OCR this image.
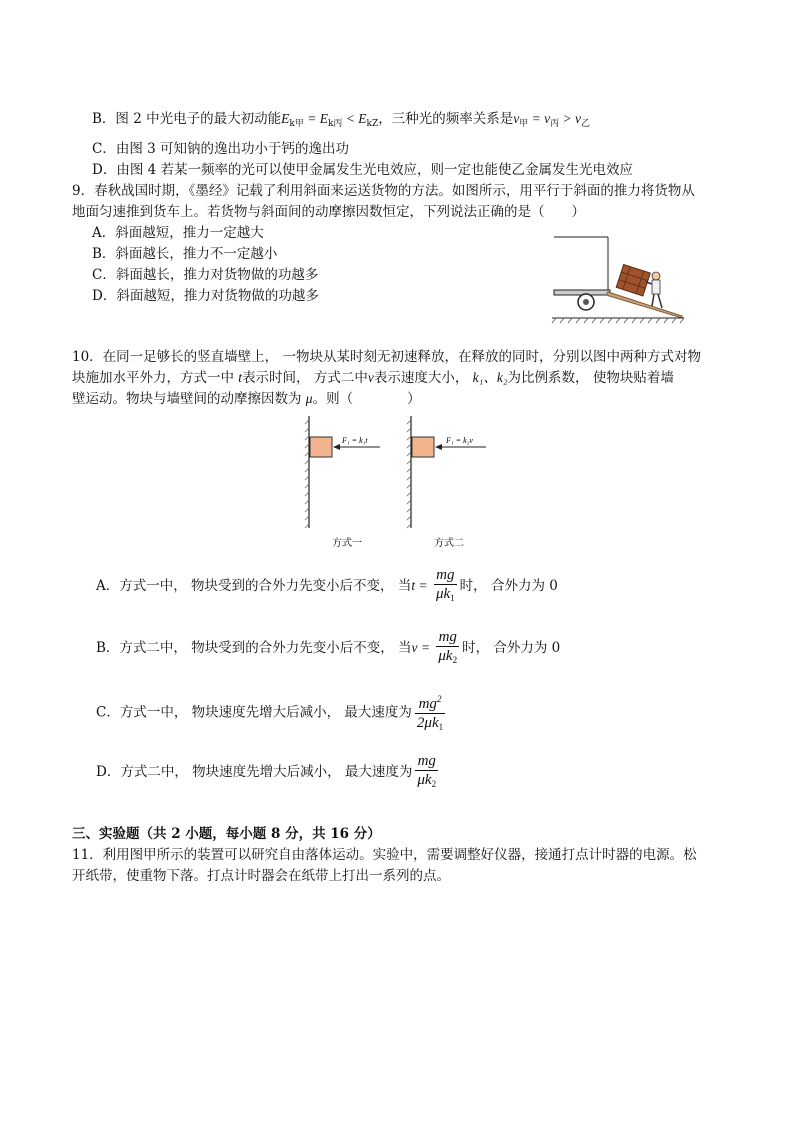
B．图 2 中光电子的最大初动能$E_{k甲} = E_{k丙} < E_{kZ}$，三种光的频率关系是$\nu_甲 = \nu_丙 > \nu_乙$
C．由图 3 可知钠的逸出功小于钙的逸出功
D．由图 4 若某一频率的光可以使甲金属发生光电效应，则一定也能使乙金属发生光电效应
9．春秋战国时期，《墨经》记载了利用斜面来运送货物的方法。如图所示，用平行于斜面的推力将货物从
地面匀速推到货车上。若货物与斜面间的动摩擦因数恒定，下列说法正确的是（　　）
A．斜面越短，推力一定越大
B．斜面越长，推力不一定越小
C．斜面越长，推力对货物做的功越多
D．斜面越短，推力对货物做的功越多
10．在同一足够长的竖直墙壁上， 一物块从某时刻无初速释放，在释放的同时，分别以图中两种方式对物
块施加水平外力，方式一中 t表示时间， 方式二中v表示速度大小， k₁、k₂为比例系数， 使物块贴着墙
壁运动。物块与墙壁间的动摩擦因数为 μ。则（　　　　）
F₁ = k₁t	F₁ = k₂v
方式一	方式二
A．方式一中， 物块受到的合外力先变小后不变， 当$t = \frac{mg}{\mu k_1}$ 时， 合外力为 0
B．方式二中， 物块受到的合外力先变小后不变， 当$v = \frac{mg}{\mu k_2}$ 时， 合外力为 0
C．方式一中， 物块速度先增大后减小， 最大速度为 $\frac{mg^2}{2\mu k_1}$
D．方式二中， 物块速度先增大后减小， 最大速度为 $\frac{mg}{\mu k_2}$
三、实验题（共 2 小题，每小题 8 分，共 16 分）
11．利用图甲所示的装置可以研究自由落体运动。实验中，需要调整好仪器，接通打点计时器的电源。松
开纸带，使重物下落。打点计时器会在纸带上打出一系列的点。
